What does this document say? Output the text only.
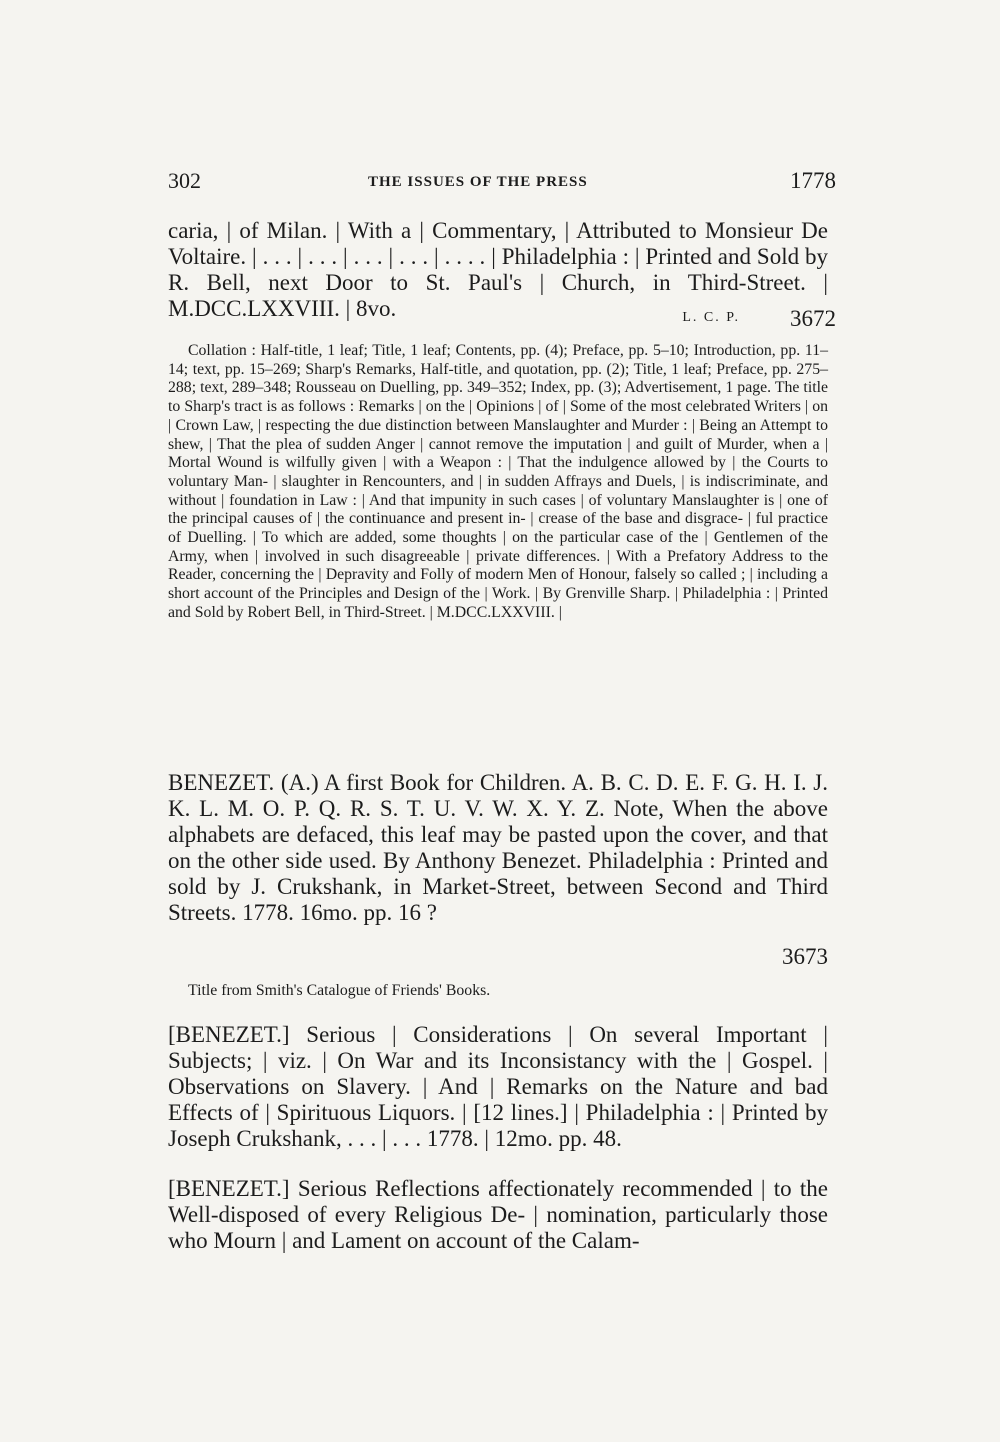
302	THE ISSUES OF THE PRESS	1778
caria, | of Milan. | With a | Commentary, | Attributed to Monsieur De Voltaire. | . . . | . . . | . . . | . . . | . . . . | Philadelphia : | Printed and Sold by R. Bell, next Door to St. Paul's | Church, in Third-Street. | M.DCC.LXXVIII. | 8vo.	L. C. P. 3672
Collation : Half-title, 1 leaf; Title, 1 leaf; Contents, pp. (4); Preface, pp. 5–10; Introduction, pp. 11–14; text, pp. 15–269; Sharp's Remarks, Half-title, and quotation, pp. (2); Title, 1 leaf; Preface, pp. 275–288; text, 289–348; Rousseau on Duelling, pp. 349–352; Index, pp. (3); Advertisement, 1 page. The title to Sharp's tract is as follows : Remarks | on the | Opinions | of | Some of the most celebrated Writers | on | Crown Law, | respecting the due distinction between Manslaughter and Murder : | Being an Attempt to shew, | That the plea of sudden Anger | cannot remove the imputation | and guilt of Murder, when a | Mortal Wound is wilfully given | with a Weapon : | That the indulgence allowed by | the Courts to voluntary Man- | slaughter in Rencounters, and | in sudden Affrays and Duels, | is indiscriminate, and without | foundation in Law : | And that impunity in such cases | of voluntary Manslaughter is | one of the principal causes of | the continuance and present in- | crease of the base and disgrace- | ful practice of Duelling. | To which are added, some thoughts | on the particular case of the | Gentlemen of the Army, when | involved in such disagreeable | private differences. | With a Prefatory Address to the Reader, concerning the | Depravity and Folly of modern Men of Honour, falsely so called ; | including a short account of the Principles and Design of the | Work. | By Grenville Sharp. | Philadelphia : | Printed and Sold by Robert Bell, in Third-Street. | M.DCC.LXXVIII. |
BENEZET. (A.) A first Book for Children. A. B. C. D. E. F. G. H. I. J. K. L. M. O. P. Q. R. S. T. U. V. W. X. Y. Z. Note, When the above alphabets are defaced, this leaf may be pasted upon the cover, and that on the other side used. By Anthony Benezet. Philadelphia : Printed and sold by J. Crukshank, in Market-Street, between Second and Third Streets. 1778. 16mo. pp. 16 ?
3673
Title from Smith's Catalogue of Friends' Books.
[BENEZET.] Serious | Considerations | On several Important | Subjects; | viz. | On War and its Inconsistancy with the | Gospel. | Observations on Slavery. | And | Remarks on the Nature and bad Effects of | Spirituous Liquors. | [12 lines.] | Philadelphia : | Printed by Joseph Crukshank, . . . | . . . 1778. | 12mo. pp. 48.
[BENEZET.] Serious Reflections affectionately recommended | to the Well-disposed of every Religious De- | nomination, particularly those who Mourn | and Lament on account of the Calam-
